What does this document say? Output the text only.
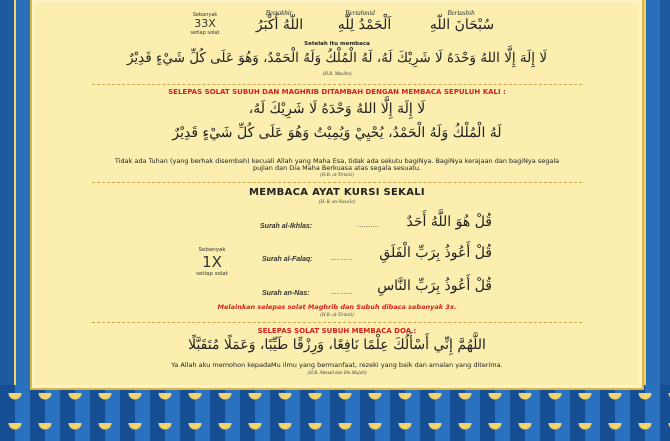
Sebanyak
33X
setiap solat
Bertakbir	Bertahmid	Bertasbih
اللّهُ أَكْبَرُ	اَلْحَمْدُ لِلّهِ	سُبْحَانَ اللّهِ
Setelah itu membaca
لَا إِلَهَ إِلَّا اللهُ وَحْدَهُ لَا شَرِيْكَ لَهُ، لَهُ الْمُلْكُ وَلَهُ الْحَمْدُ، وَهُوَ عَلَى كُلِّ شَيْءٍ قَدِيْرٌ
(H.R. Muslim)
SELEPAS SOLAT SUBUH DAN MAGHRIB DITAMBAH DENGAN MEMBACA SEPULUH KALI :
لَا إِلَهَ إِلَّا اللهُ وَحْدَهُ لَا شَرِيْكَ لَهُ،
لَهُ الْمُلْكُ وَلَهُ الْحَمْدُ، يُحْيِيْ وَيُمِيْتُ وَهُوَ عَلَى كُلِّ شَيْءٍ قَدِيْرٌ
Tidak ada Tuhan (yang berhak disembah) kecuali Allah yang Maha Esa, tidak ada sekutu bagiNya. BagiNya kerajaan dan bagiNya segala pujian dan Dia Maha Berkuasa atas segala sesuatu.
(H.R. at-Tirmizi)
MEMBACA AYAT KURSI SEKALI
(H. R. an-Nasa'ie)
Sebanyak
1X
setiap solat
Surah al-Ikhlas:	..........	قُلْ هُوَ اللَّهُ أَحَدٌ
Surah al-Falaq: ..........	قُلْ أَعُوذُ بِرَبِّ الْفَلَقِ
Surah an-Nas:	..........	قُلْ أَعُوذُ بِرَبِّ النَّاسِ
Melainkan selepas solat Maghrib dan Subuh dibaca sebanyak 3x.
(H.R. al-Tirmizi)
SELEPAS SOLAT SUBUH MEMBACA DOA :
اللَّهُمَّ إِنِّي أَسْأَلُكَ عِلْمًا نَافِعًا، وَرِزْقًا طَيِّبًا، وَعَمَلًا مُتَقَبَّلًا
Ya Allah aku memohon kepadaMu ilmu yang bermanfaat, rezeki yang baik dan amalan yang diterima.
(H.R. Ahmad dan Ibn Majah)
